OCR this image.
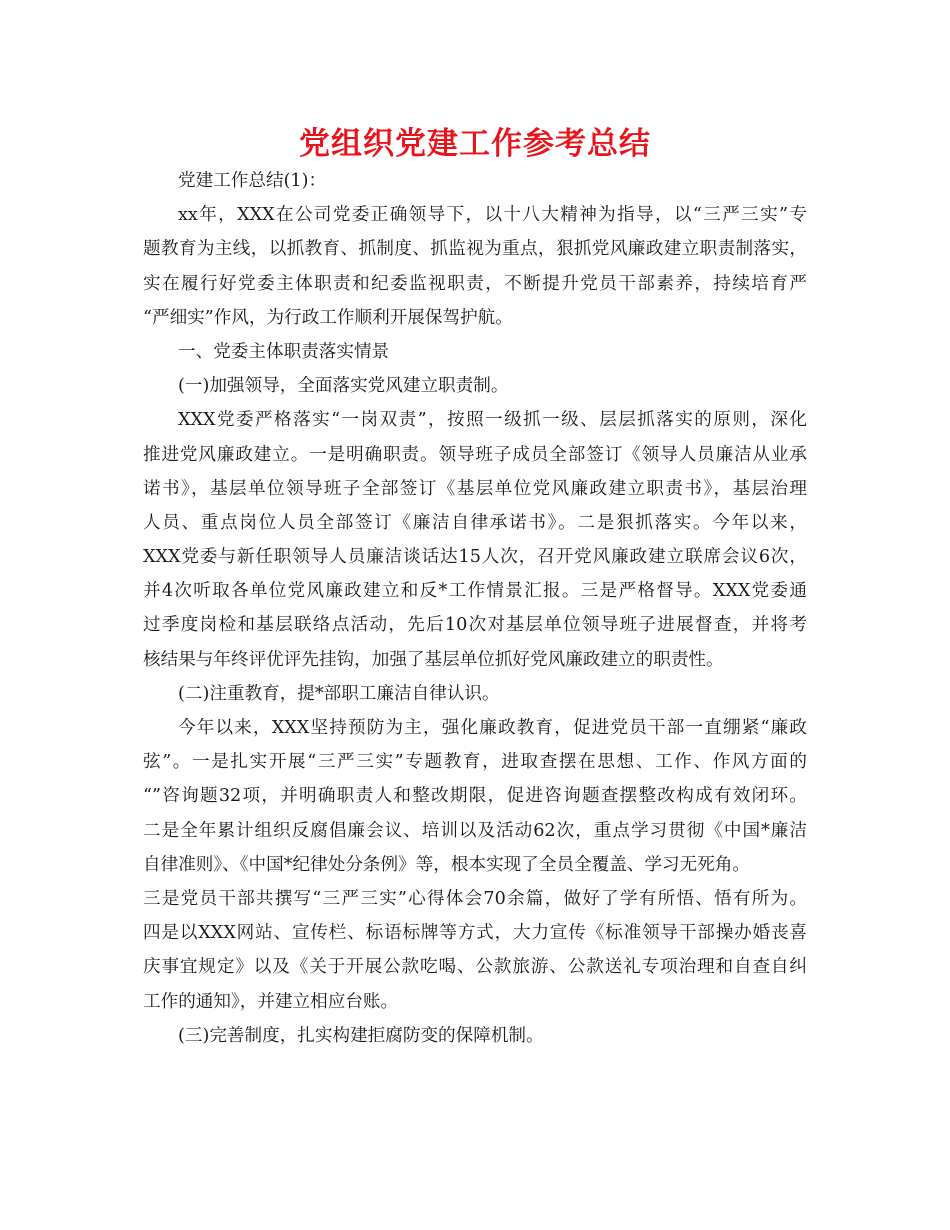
党组织党建工作参考总结
党建工作总结(1)：
xx年，XXX在公司党委正确领导下，以十八大精神为指导，以“三严三实”专
题教育为主线，以抓教育、抓制度、抓监视为重点，狠抓党风廉政建立职责制落实，
实在履行好党委主体职责和纪委监视职责，不断提升党员干部素养，持续培育严
“严细实”作风，为行政工作顺利开展保驾护航。
一、党委主体职责落实情景
(一)加强领导，全面落实党风建立职责制。
XXX党委严格落实“一岗双责”，按照一级抓一级、层层抓落实的原则，深化
推进党风廉政建立。一是明确职责。领导班子成员全部签订《领导人员廉洁从业承
诺书》，基层单位领导班子全部签订《基层单位党风廉政建立职责书》，基层治理
人员、重点岗位人员全部签订《廉洁自律承诺书》。二是狠抓落实。今年以来，
XXX党委与新任职领导人员廉洁谈话达15人次，召开党风廉政建立联席会议6次，
并4次听取各单位党风廉政建立和反*工作情景汇报。三是严格督导。XXX党委通
过季度岗检和基层联络点活动，先后10次对基层单位领导班子进展督查，并将考
核结果与年终评优评先挂钩，加强了基层单位抓好党风廉政建立的职责性。
(二)注重教育，提*部职工廉洁自律认识。
今年以来，XXX坚持预防为主，强化廉政教育，促进党员干部一直绷紧“廉政
弦”。一是扎实开展“三严三实”专题教育，进取查摆在思想、工作、作风方面的
“”咨询题32项，并明确职责人和整改期限，促进咨询题查摆整改构成有效闭环。
二是全年累计组织反腐倡廉会议、培训以及活动62次，重点学习贯彻《中国*廉洁
自律准则》、《中国*纪律处分条例》等，根本实现了全员全覆盖、学习无死角。
三是党员干部共撰写“三严三实”心得体会70余篇，做好了学有所悟、悟有所为。
四是以XXX网站、宣传栏、标语标牌等方式，大力宣传《标准领导干部操办婚丧喜
庆事宜规定》以及《关于开展公款吃喝、公款旅游、公款送礼专项治理和自查自纠
工作的通知》，并建立相应台账。
(三)完善制度，扎实构建拒腐防变的保障机制。
